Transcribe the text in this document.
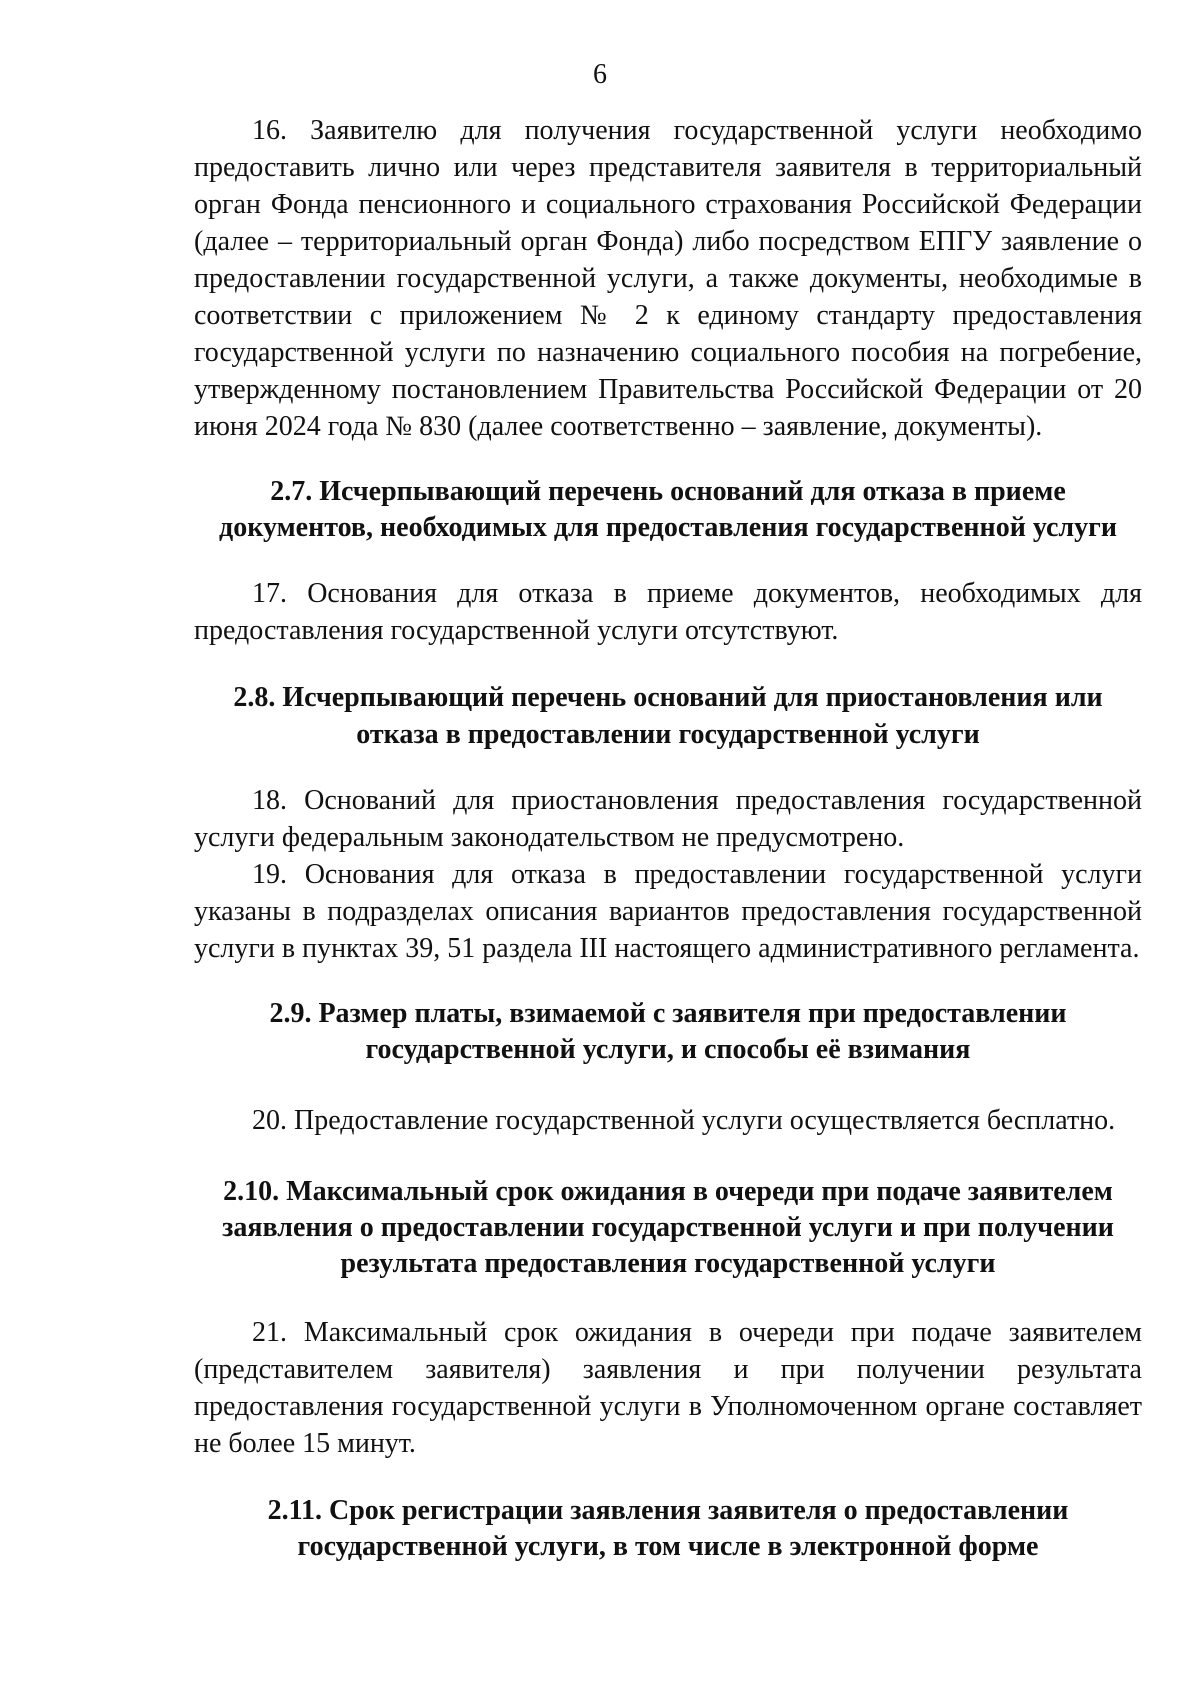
6

16. Заявителю для получения государственной услуги необходимо предоставить лично или через представителя заявителя в территориальный орган Фонда пенсионного и социального страхования Российской Федерации (далее – территориальный орган Фонда) либо посредством ЕПГУ заявление о предоставлении государственной услуги, а также документы, необходимые в соответствии с приложением № 2 к единому стандарту предоставления государственной услуги по назначению социального пособия на погребение, утвержденному постановлением Правительства Российской Федерации от 20 июня 2024 года № 830 (далее соответственно – заявление, документы).

2.7. Исчерпывающий перечень оснований для отказа в приеме документов, необходимых для предоставления государственной услуги

17. Основания для отказа в приеме документов, необходимых для предоставления государственной услуги отсутствуют.

2.8. Исчерпывающий перечень оснований для приостановления или отказа в предоставлении государственной услуги

18. Оснований для приостановления предоставления государственной услуги федеральным законодательством не предусмотрено.

19. Основания для отказа в предоставлении государственной услуги указаны в подразделах описания вариантов предоставления государственной услуги в пунктах 39, 51 раздела III настоящего административного регламента.

2.9. Размер платы, взимаемой с заявителя при предоставлении государственной услуги, и способы её взимания

20. Предоставление государственной услуги осуществляется бесплатно.

2.10. Максимальный срок ожидания в очереди при подаче заявителем заявления о предоставлении государственной услуги и при получении результата предоставления государственной услуги

21. Максимальный срок ожидания в очереди при подаче заявителем (представителем заявителя) заявления и при получении результата предоставления государственной услуги в Уполномоченном органе составляет не более 15 минут.

2.11. Срок регистрации заявления заявителя о предоставлении государственной услуги, в том числе в электронной форме
